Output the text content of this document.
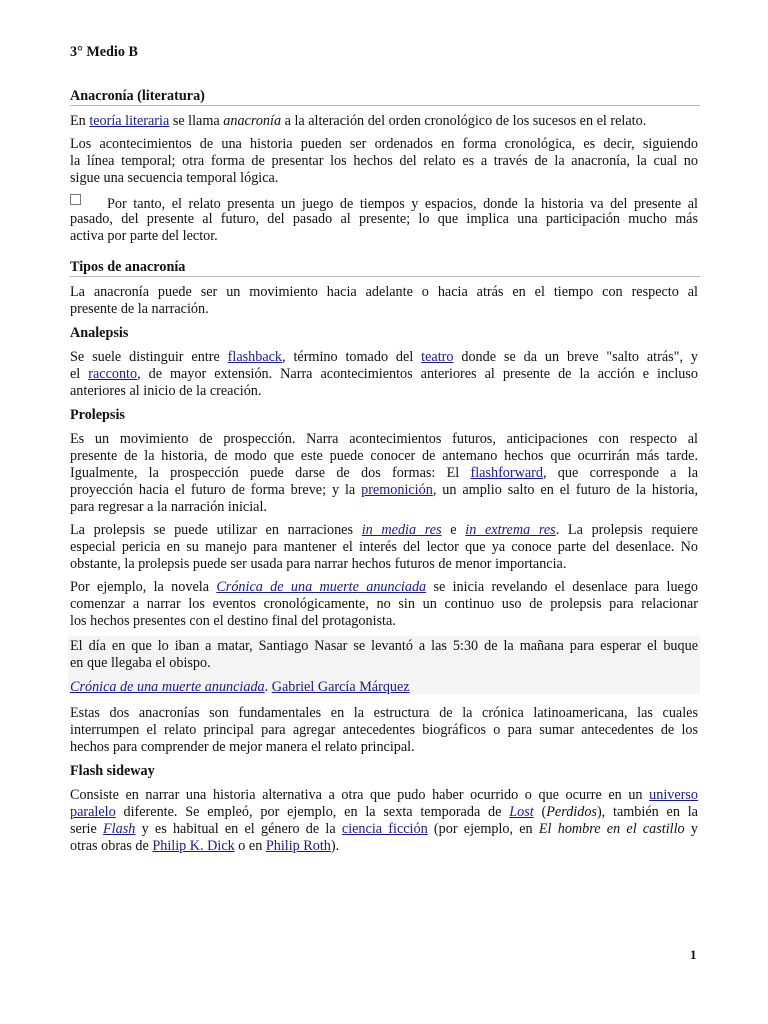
3° Medio B

Anacronía (literatura)

En teoría literaria se llama anacronía a la alteración del orden cronológico de los sucesos en el relato.

Los acontecimientos de una historia pueden ser ordenados en forma cronológica, es decir, siguiendo

la línea temporal; otra forma de presentar los hechos del relato es a través de la anacronía, la cual no

sigue una secuencia temporal lógica.

Por tanto, el relato presenta un juego de tiempos y espacios, donde la historia va del presente al

pasado, del presente al futuro, del pasado al presente; lo que implica una participación mucho más

activa por parte del lector.

Tipos de anacronía

La anacronía puede ser un movimiento hacia adelante o hacia atrás en el tiempo con respecto al

presente de la narración.

Analepsis

Se suele distinguir entre flashback, término tomado del teatro donde se da un breve "salto atrás", y

el racconto, de mayor extensión. Narra acontecimientos anteriores al presente de la acción e incluso

anteriores al inicio de la creación.

Prolepsis

Es un movimiento de prospección. Narra acontecimientos futuros, anticipaciones con respecto al

presente de la historia, de modo que este puede conocer de antemano hechos que ocurrirán más tarde.

Igualmente, la prospección puede darse de dos formas: El flashforward, que corresponde a la

proyección hacia el futuro de forma breve; y la premonición, un amplio salto en el futuro de la historia,

para regresar a la narración inicial.

La prolepsis se puede utilizar en narraciones in media res e in extrema res. La prolepsis requiere

especial pericia en su manejo para mantener el interés del lector que ya conoce parte del desenlace. No

obstante, la prolepsis puede ser usada para narrar hechos futuros de menor importancia.

Por ejemplo, la novela Crónica de una muerte anunciada se inicia revelando el desenlace para luego

comenzar a narrar los eventos cronológicamente, no sin un continuo uso de prolepsis para relacionar

los hechos presentes con el destino final del protagonista.

El día en que lo iban a matar, Santiago Nasar se levantó a las 5:30 de la mañana para esperar el buque

en que llegaba el obispo.

Crónica de una muerte anunciada. Gabriel García Márquez

Estas dos anacronías son fundamentales en la estructura de la crónica latinoamericana, las cuales

interrumpen el relato principal para agregar antecedentes biográficos o para sumar antecedentes de los

hechos para comprender de mejor manera el relato principal.

Flash sideway

Consiste en narrar una historia alternativa a otra que pudo haber ocurrido o que ocurre en un universo

paralelo diferente. Se empleó, por ejemplo, en la sexta temporada de Lost (Perdidos), también en la

serie Flash y es habitual en el género de la ciencia ficción (por ejemplo, en El hombre en el castillo y

otras obras de Philip K. Dick o en Philip Roth).

1
